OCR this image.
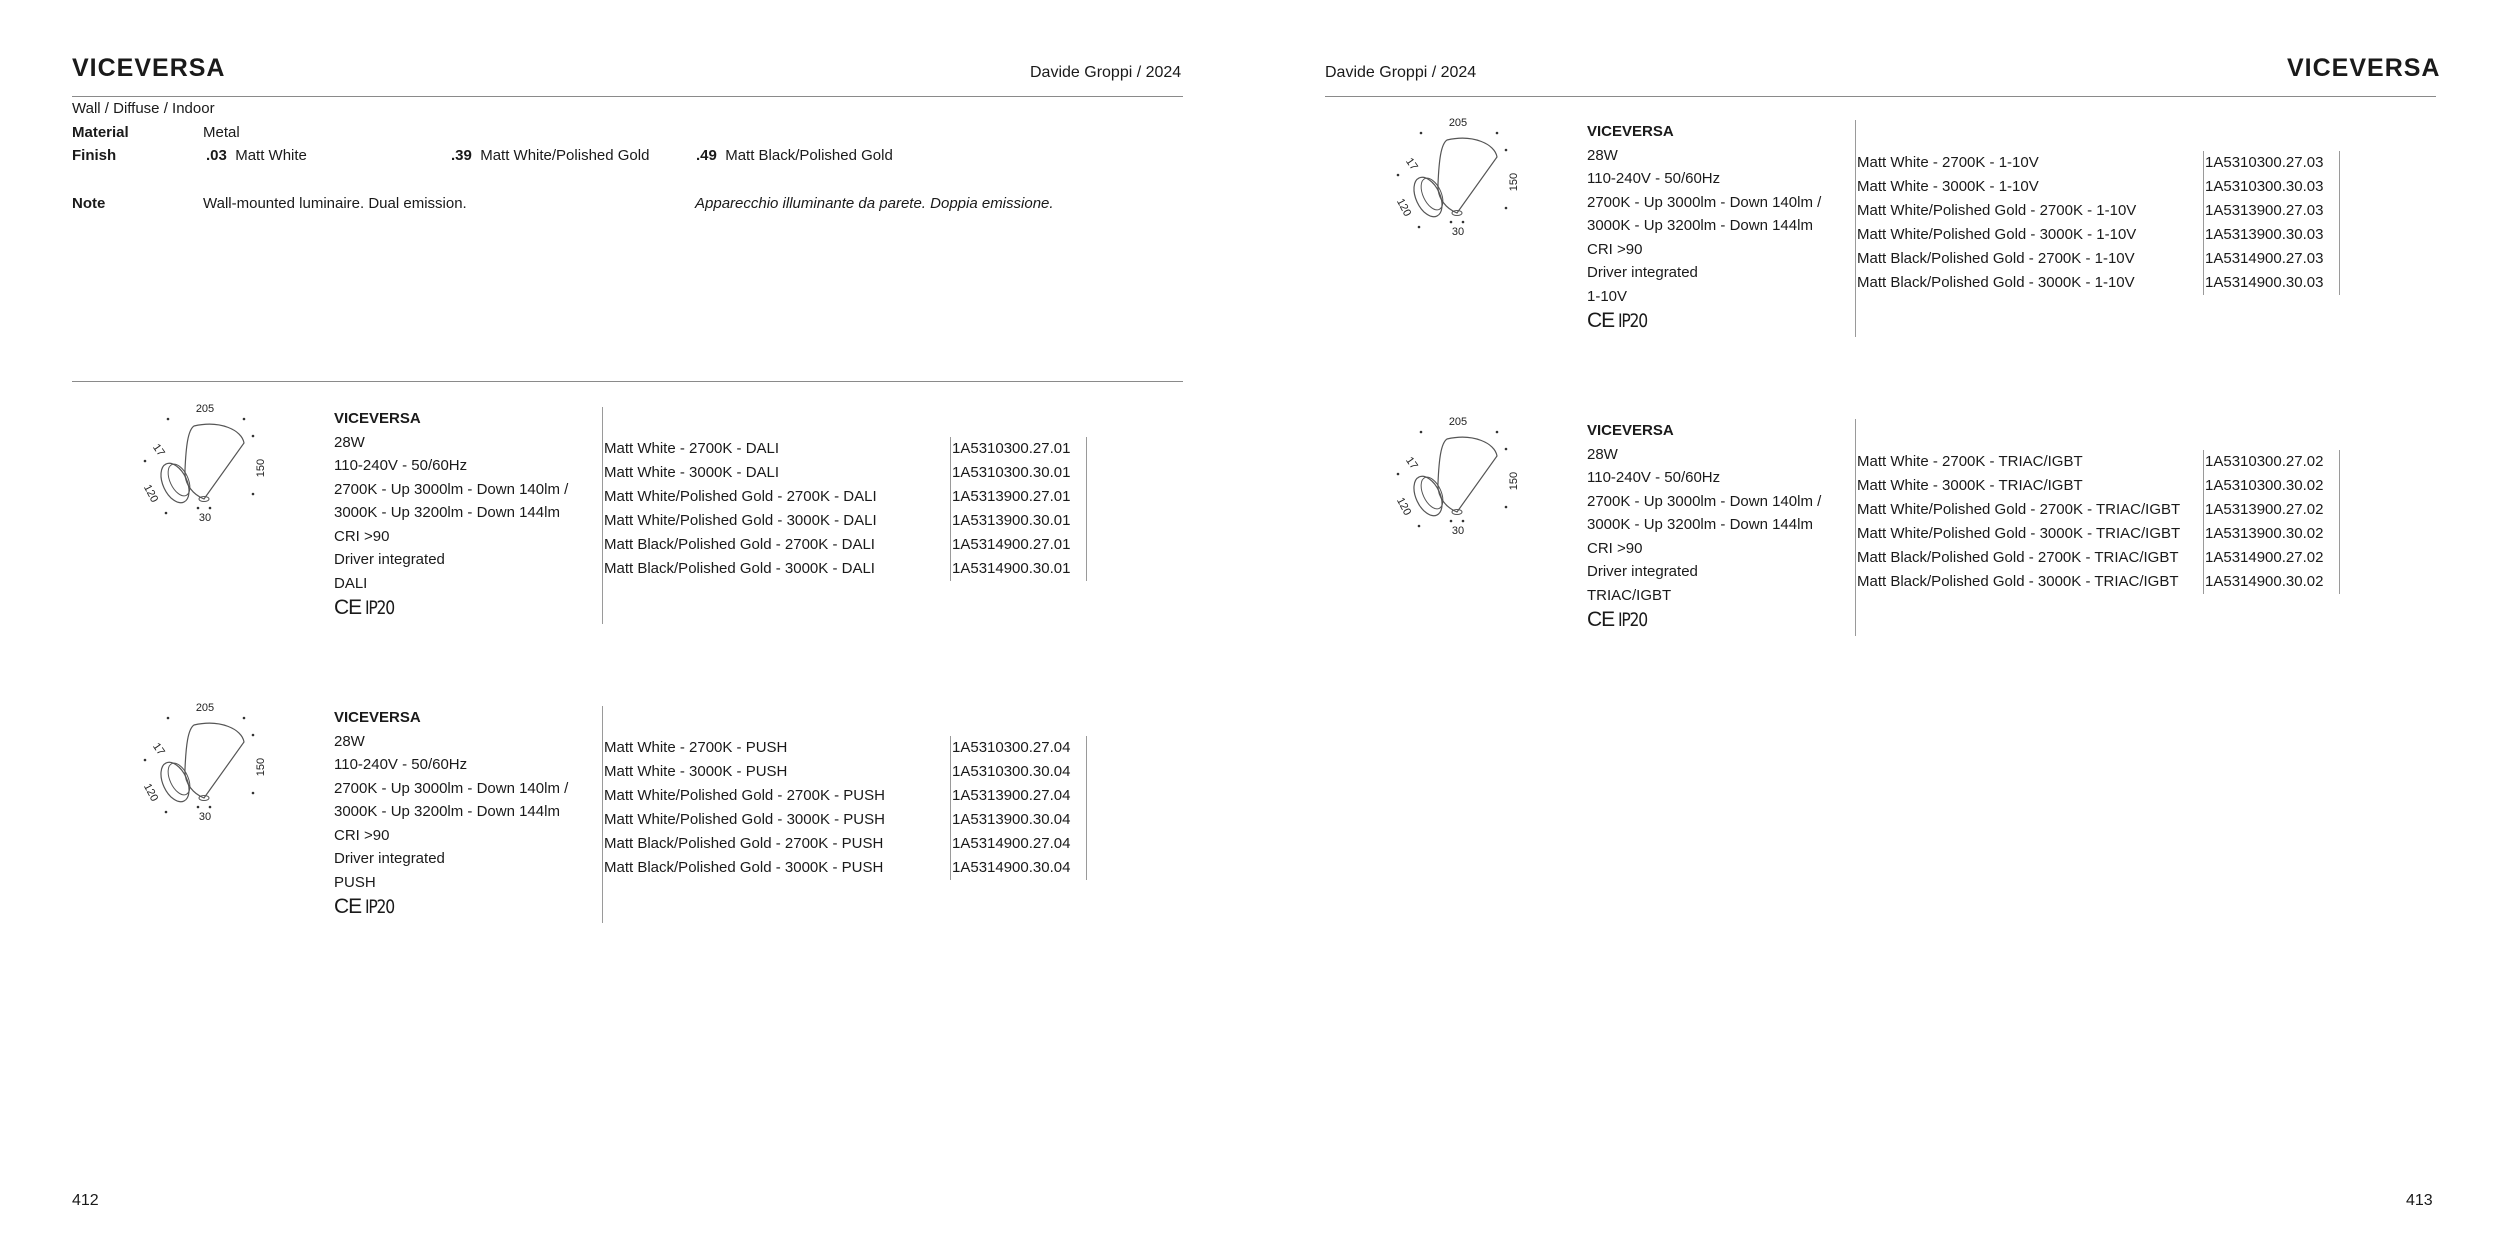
VICEVERSA	Davide Groppi / 2024
Wall / Diffuse / Indoor
Material	Metal
Finish	.03 Matt White	.39 Matt White/Polished Gold	.49 Matt Black/Polished Gold
Note	Wall-mounted luminaire. Dual emission.	Apparecchio illuminante da parete. Doppia emissione.
Davide Groppi / 2024	VICEVERSA
205
150
120
30
17
VICEVERSA
28W
110-240V - 50/60Hz
2700K - Up 3000lm - Down 140lm /
3000K - Up 3200lm - Down 144lm
CRI >90
Driver integrated
DALI
CE IP20
Matt White - 2700K - DALI	1A5310300.27.01
Matt White - 3000K - DALI	1A5310300.30.01
Matt White/Polished Gold - 2700K - DALI	1A5313900.27.01
Matt White/Polished Gold - 3000K - DALI	1A5313900.30.01
Matt Black/Polished Gold - 2700K - DALI	1A5314900.27.01
Matt Black/Polished Gold - 3000K - DALI	1A5314900.30.01
205
150
120
30
17
VICEVERSA
28W
110-240V - 50/60Hz
2700K - Up 3000lm - Down 140lm /
3000K - Up 3200lm - Down 144lm
CRI >90
Driver integrated
PUSH
CE IP20
Matt White - 2700K - PUSH	1A5310300.27.04
Matt White - 3000K - PUSH	1A5310300.30.04
Matt White/Polished Gold - 2700K - PUSH	1A5313900.27.04
Matt White/Polished Gold - 3000K - PUSH	1A5313900.30.04
Matt Black/Polished Gold - 2700K - PUSH	1A5314900.27.04
Matt Black/Polished Gold - 3000K - PUSH	1A5314900.30.04
205
150
120
30
17
VICEVERSA
28W
110-240V - 50/60Hz
2700K - Up 3000lm - Down 140lm /
3000K - Up 3200lm - Down 144lm
CRI >90
Driver integrated
1-10V
CE IP20
Matt White - 2700K - 1-10V	1A5310300.27.03
Matt White - 3000K - 1-10V	1A5310300.30.03
Matt White/Polished Gold - 2700K - 1-10V	1A5313900.27.03
Matt White/Polished Gold - 3000K - 1-10V	1A5313900.30.03
Matt Black/Polished Gold - 2700K - 1-10V	1A5314900.27.03
Matt Black/Polished Gold - 3000K - 1-10V	1A5314900.30.03
205
150
120
30
17
VICEVERSA
28W
110-240V - 50/60Hz
2700K - Up 3000lm - Down 140lm /
3000K - Up 3200lm - Down 144lm
CRI >90
Driver integrated
TRIAC/IGBT
CE IP20
Matt White - 2700K - TRIAC/IGBT	1A5310300.27.02
Matt White - 3000K - TRIAC/IGBT	1A5310300.30.02
Matt White/Polished Gold - 2700K - TRIAC/IGBT 1A5313900.27.02
Matt White/Polished Gold - 3000K - TRIAC/IGBT 1A5313900.30.02
Matt Black/Polished Gold - 2700K - TRIAC/IGBT 1A5314900.27.02
Matt Black/Polished Gold - 3000K - TRIAC/IGBT 1A5314900.30.02
412	413
